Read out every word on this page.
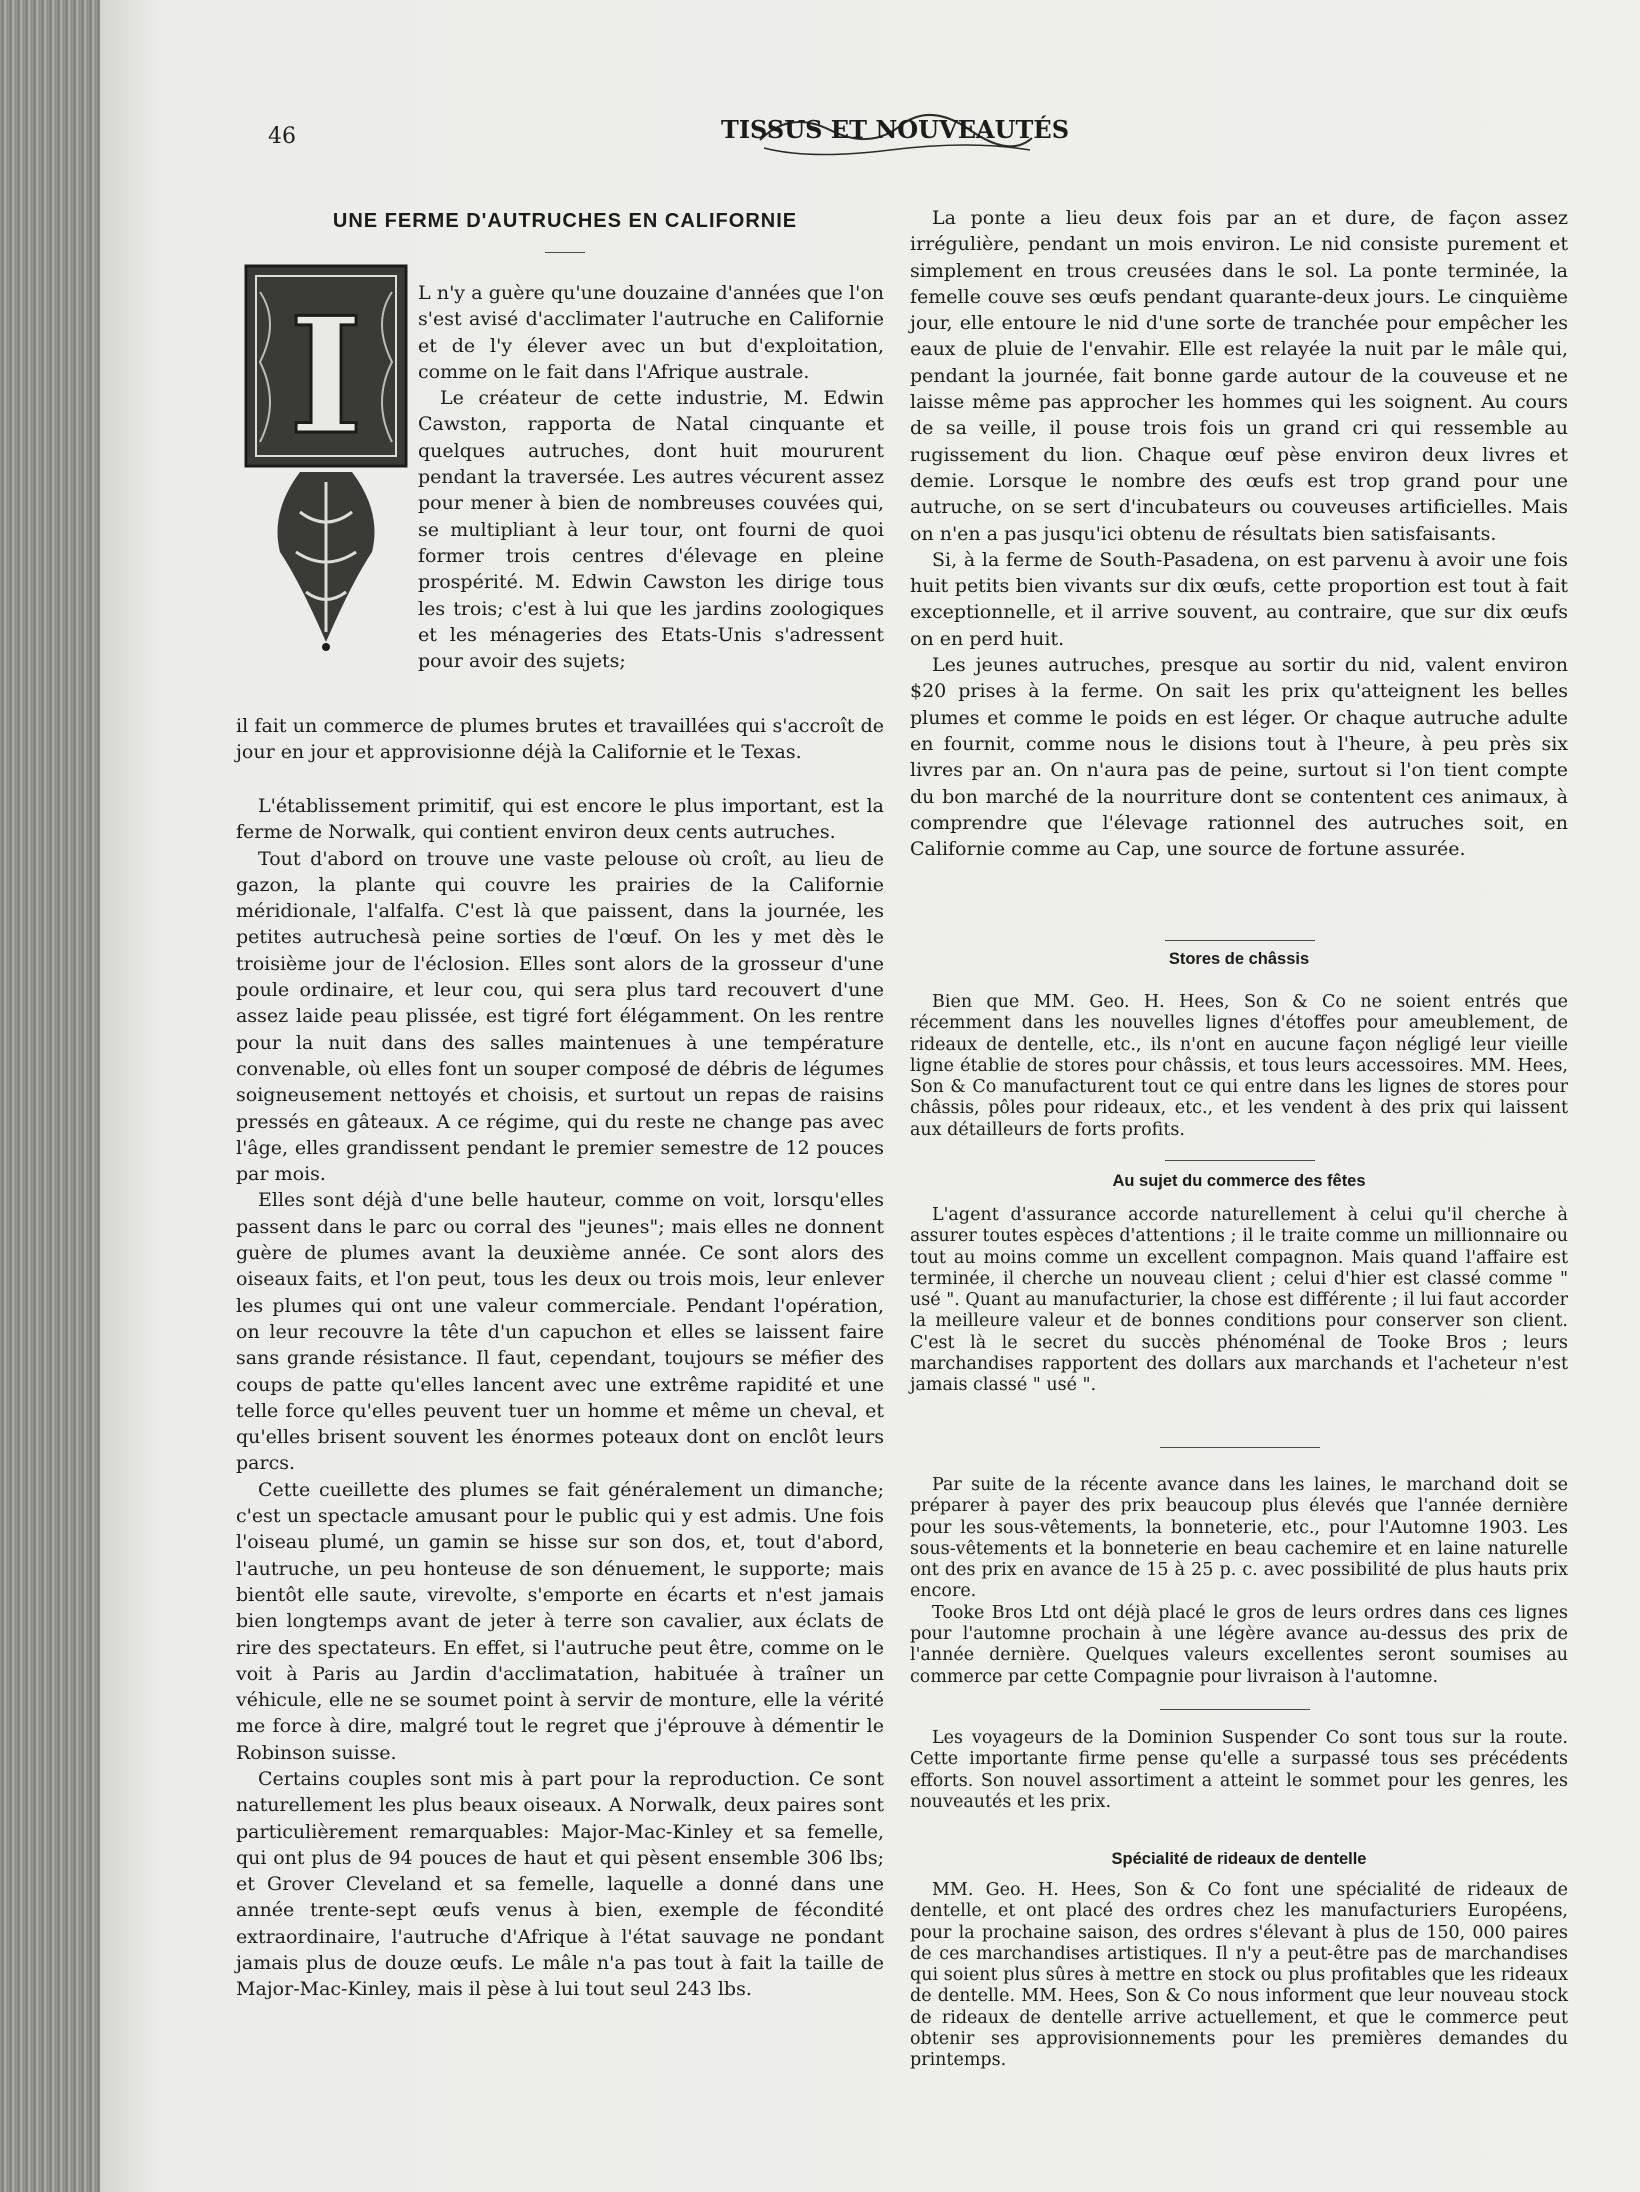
46	TISSUS ET NOUVEAUTÉS
UNE FERME D'AUTRUCHES EN CALIFORNIE
I	L n'y a guère qu'une douzaine d'années que l'on s'est avisé d'acclimater l'autruche en Californie et de l'y élever avec un but d'exploitation, comme on le fait dans l'Afrique australe.

Le créateur de cette industrie, M. Edwin Cawston, rapporta de Natal cinquante et quelques autruches, dont huit moururent pendant la traversée. Les autres vécurent assez pour mener à bien de nombreuses couvées qui, se multipliant à leur tour, ont fourni de quoi former trois centres d'élevage en pleine prospérité. M. Edwin Cawston les dirige tous les trois; c'est à lui que les jardins zoologiques et les ménageries des Etats-Unis s'adressent pour avoir des sujets;

il fait un commerce de plumes brutes et travaillées qui s'accroît de jour en jour et approvisionne déjà la Californie et le Texas.

L'établissement primitif, qui est encore le plus important, est la ferme de Norwalk, qui contient environ deux cents autruches.

Tout d'abord on trouve une vaste pelouse où croît, au lieu de gazon, la plante qui couvre les prairies de la Californie méridionale, l'alfalfa. C'est là que paissent, dans la journée, les petites autruchesà peine sorties de l'œuf. On les y met dès le troisième jour de l'éclosion. Elles sont alors de la grosseur d'une poule ordinaire, et leur cou, qui sera plus tard recouvert d'une assez laide peau plissée, est tigré fort élégamment. On les rentre pour la nuit dans des salles maintenues à une température convenable, où elles font un souper composé de débris de légumes soigneusement nettoyés et choisis, et surtout un repas de raisins pressés en gâteaux. A ce régime, qui du reste ne change pas avec l'âge, elles grandissent pendant le premier semestre de 12 pouces par mois.

Elles sont déjà d'une belle hauteur, comme on voit, lorsqu'elles passent dans le parc ou corral des "jeunes"; mais elles ne donnent guère de plumes avant la deuxième année. Ce sont alors des oiseaux faits, et l'on peut, tous les deux ou trois mois, leur enlever les plumes qui ont une valeur commerciale. Pendant l'opération, on leur recouvre la tête d'un capuchon et elles se laissent faire sans grande résistance. Il faut, cependant, toujours se méfier des coups de patte qu'elles lancent avec une extrême rapidité et une telle force qu'elles peuvent tuer un homme et même un cheval, et qu'elles brisent souvent les énormes poteaux dont on enclôt leurs parcs.

Cette cueillette des plumes se fait généralement un dimanche; c'est un spectacle amusant pour le public qui y est admis. Une fois l'oiseau plumé, un gamin se hisse sur son dos, et, tout d'abord, l'autruche, un peu honteuse de son dénuement, le supporte; mais bientôt elle saute, virevolte, s'emporte en écarts et n'est jamais bien longtemps avant de jeter à terre son cavalier, aux éclats de rire des spectateurs. En effet, si l'autruche peut être, comme on le voit à Paris au Jardin d'acclimatation, habituée à traîner un véhicule, elle ne se soumet point à servir de monture, elle la vérité me force à dire, malgré tout le regret que j'éprouve à démentir le Robinson suisse.

Certains couples sont mis à part pour la reproduction. Ce sont naturellement les plus beaux oiseaux. A Norwalk, deux paires sont particulièrement remarquables: Major-Mac-Kinley et sa femelle, qui ont plus de 94 pouces de haut et qui pèsent ensemble 306 lbs; et Grover Cleveland et sa femelle, laquelle a donné dans une année trente-sept œufs venus à bien, exemple de fécondité extraordinaire, l'autruche d'Afrique à l'état sauvage ne pondant jamais plus de douze œufs. Le mâle n'a pas tout à fait la taille de Major-Mac-Kinley, mais il pèse à lui tout seul 243 lbs.

La ponte a lieu deux fois par an et dure, de façon assez irrégulière, pendant un mois environ. Le nid consiste purement et simplement en trous creusées dans le sol. La ponte terminée, la femelle couve ses œufs pendant quarante-deux jours. Le cinquième jour, elle entoure le nid d'une sorte de tranchée pour empêcher les eaux de pluie de l'envahir. Elle est relayée la nuit par le mâle qui, pendant la journée, fait bonne garde autour de la couveuse et ne laisse même pas approcher les hommes qui les soignent. Au cours de sa veille, il pouse trois fois un grand cri qui ressemble au rugissement du lion. Chaque œuf pèse environ deux livres et demie. Lorsque le nombre des œufs est trop grand pour une autruche, on se sert d'incubateurs ou couveuses artificielles. Mais on n'en a pas jusqu'ici obtenu de résultats bien satisfaisants.

Si, à la ferme de South-Pasadena, on est parvenu à avoir une fois huit petits bien vivants sur dix œufs, cette proportion est tout à fait exceptionnelle, et il arrive souvent, au contraire, que sur dix œufs on en perd huit.

Les jeunes autruches, presque au sortir du nid, valent environ $20 prises à la ferme. On sait les prix qu'atteignent les belles plumes et comme le poids en est léger. Or chaque autruche adulte en fournit, comme nous le disions tout à l'heure, à peu près six livres par an. On n'aura pas de peine, surtout si l'on tient compte du bon marché de la nourriture dont se contentent ces animaux, à comprendre que l'élevage rationnel des autruches soit, en Californie comme au Cap, une source de fortune assurée.

Stores de châssis

Bien que MM. Geo. H. Hees, Son & Co ne soient entrés que récemment dans les nouvelles lignes d'étoffes pour ameublement, de rideaux de dentelle, etc., ils n'ont en aucune façon négligé leur vieille ligne établie de stores pour châssis, et tous leurs accessoires. MM. Hees, Son & Co manufacturent tout ce qui entre dans les lignes de stores pour châssis, pôles pour rideaux, etc., et les vendent à des prix qui laissent aux détailleurs de forts profits.

Au sujet du commerce des fêtes

L'agent d'assurance accorde naturellement à celui qu'il cherche à assurer toutes espèces d'attentions ; il le traite comme un millionnaire ou tout au moins comme un excellent compagnon. Mais quand l'affaire est terminée, il cherche un nouveau client ; celui d'hier est classé comme " usé ". Quant au manufacturier, la chose est différente ; il lui faut accorder la meilleure valeur et de bonnes conditions pour conserver son client. C'est là le secret du succès phénoménal de Tooke Bros ; leurs marchandises rapportent des dollars aux marchands et l'acheteur n'est jamais classé " usé ".

Par suite de la récente avance dans les laines, le marchand doit se préparer à payer des prix beaucoup plus élevés que l'année dernière pour les sous-vêtements, la bonneterie, etc., pour l'Automne 1903. Les sous-vêtements et la bonneterie en beau cachemire et en laine naturelle ont des prix en avance de 15 à 25 p. c. avec possibilité de plus hauts prix encore.

Tooke Bros Ltd ont déjà placé le gros de leurs ordres dans ces lignes pour l'automne prochain à une légère avance au-dessus des prix de l'année dernière. Quelques valeurs excellentes seront soumises au commerce par cette Compagnie pour livraison à l'automne.

Les voyageurs de la Dominion Suspender Co sont tous sur la route. Cette importante firme pense qu'elle a surpassé tous ses précédents efforts. Son nouvel assortiment a atteint le sommet pour les genres, les nouveautés et les prix.

Spécialité de rideaux de dentelle

MM. Geo. H. Hees, Son & Co font une spécialité de rideaux de dentelle, et ont placé des ordres chez les manufacturiers Européens, pour la prochaine saison, des ordres s'élevant à plus de 150, 000 paires de ces marchandises artistiques. Il n'y a peut-être pas de marchandises qui soient plus sûres à mettre en stock ou plus profitables que les rideaux de dentelle. MM. Hees, Son & Co nous informent que leur nouveau stock de rideaux de dentelle arrive actuellement, et que le commerce peut obtenir ses approvisionnements pour les premières demandes du printemps.
